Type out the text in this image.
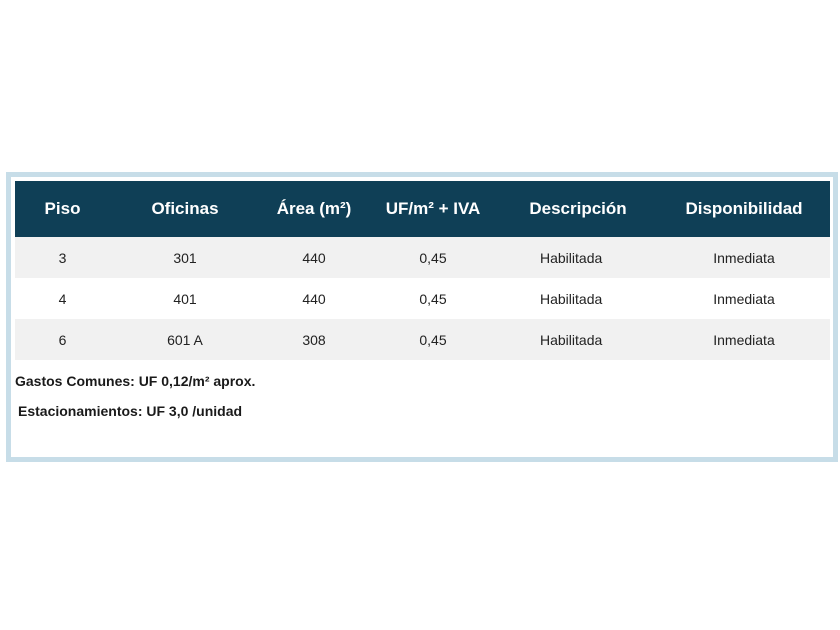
Piso	Oficinas	Área (m²)	UF/m² + IVA	Descripción	Disponibilidad
3	301	440	0,45	Habilitada	Inmediata
4	401	440	0,45	Habilitada	Inmediata
6	601 A	308	0,45	Habilitada	Inmediata
Gastos Comunes: UF 0,12/m² aprox.
Estacionamientos: UF 3,0 /unidad
